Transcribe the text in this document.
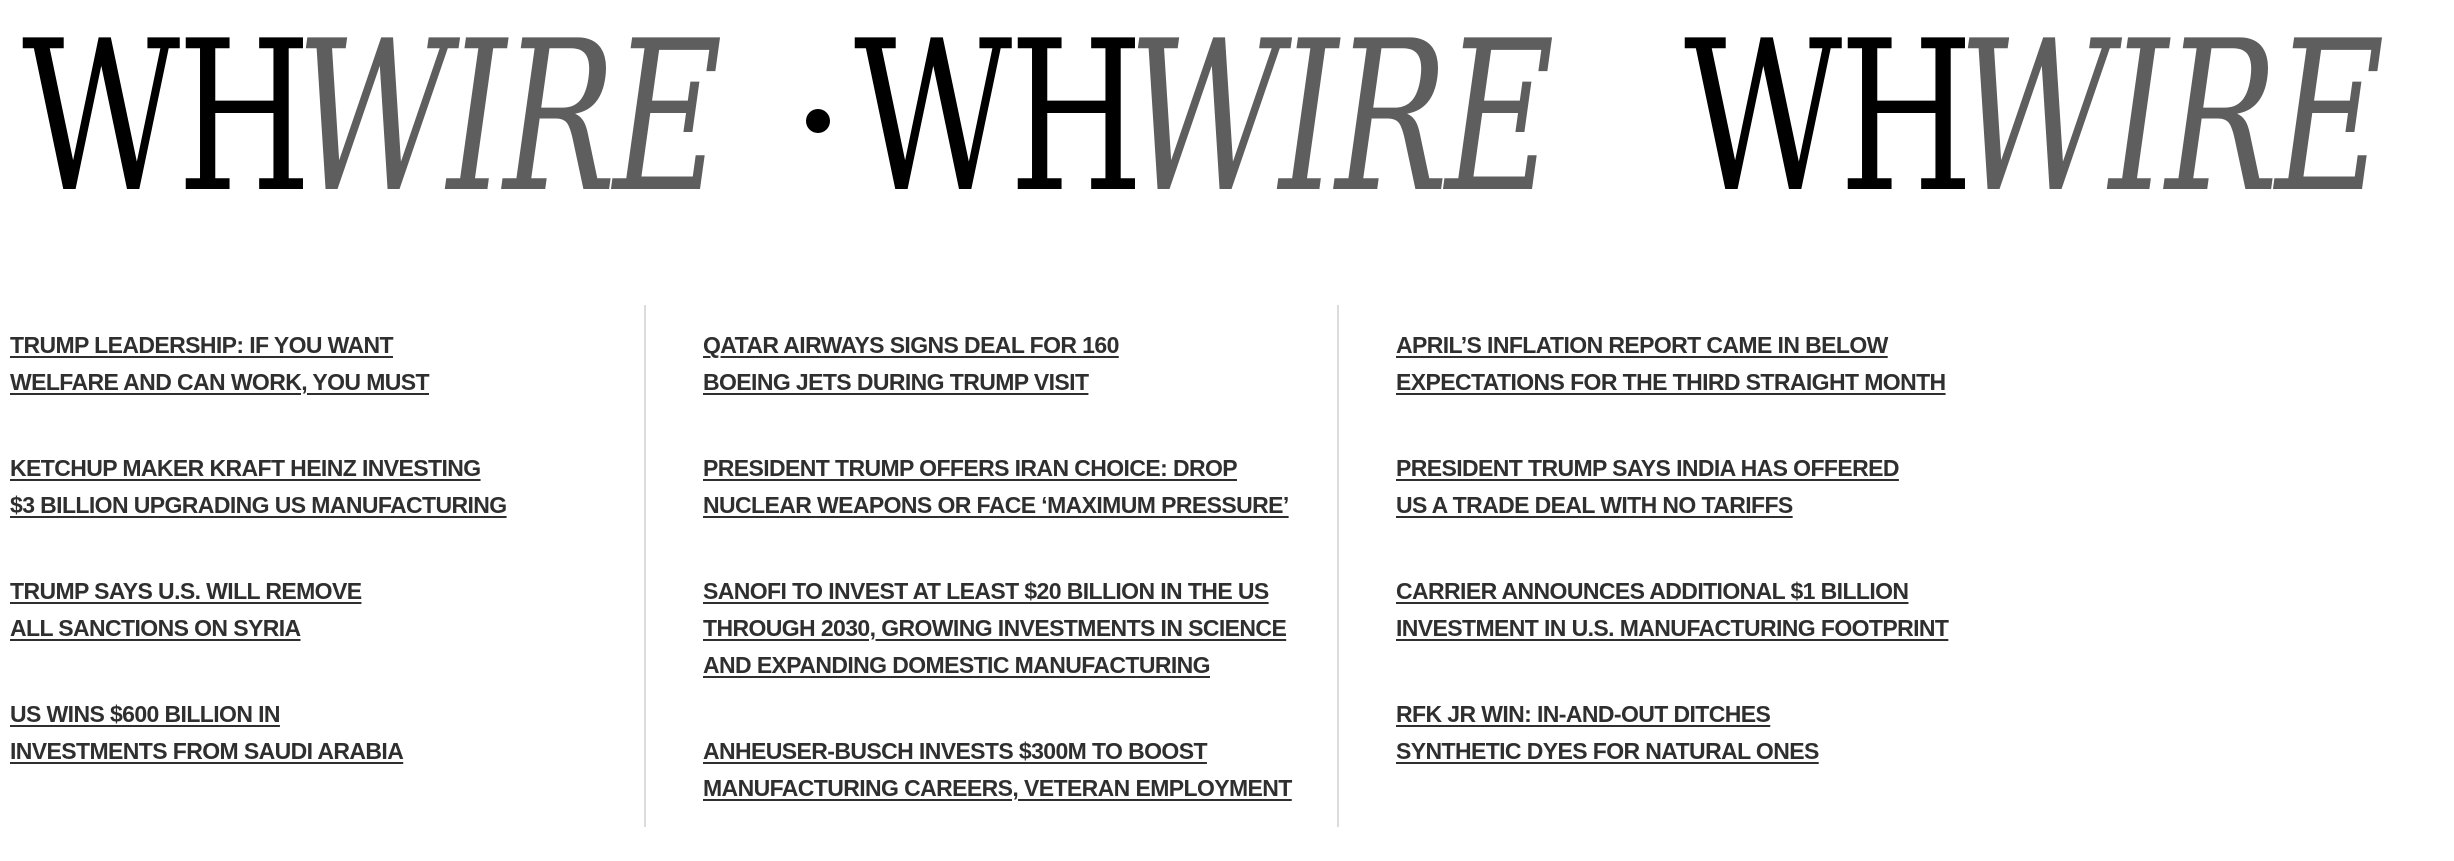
WHWIRE WHWIRE WHWIRE
TRUMP LEADERSHIP: IF YOU WANT
WELFARE AND CAN WORK, YOU MUST
KETCHUP MAKER KRAFT HEINZ INVESTING
$3 BILLION UPGRADING US MANUFACTURING
TRUMP SAYS U.S. WILL REMOVE
ALL SANCTIONS ON SYRIA
US WINS $600 BILLION IN
INVESTMENTS FROM SAUDI ARABIA
QATAR AIRWAYS SIGNS DEAL FOR 160
BOEING JETS DURING TRUMP VISIT
PRESIDENT TRUMP OFFERS IRAN CHOICE: DROP
NUCLEAR WEAPONS OR FACE ‘MAXIMUM PRESSURE’
SANOFI TO INVEST AT LEAST $20 BILLION IN THE US
THROUGH 2030, GROWING INVESTMENTS IN SCIENCE
AND EXPANDING DOMESTIC MANUFACTURING
ANHEUSER-BUSCH INVESTS $300M TO BOOST
MANUFACTURING CAREERS, VETERAN EMPLOYMENT
APRIL’S INFLATION REPORT CAME IN BELOW
EXPECTATIONS FOR THE THIRD STRAIGHT MONTH
PRESIDENT TRUMP SAYS INDIA HAS OFFERED
US A TRADE DEAL WITH NO TARIFFS
CARRIER ANNOUNCES ADDITIONAL $1 BILLION
INVESTMENT IN U.S. MANUFACTURING FOOTPRINT
RFK JR WIN: IN-AND-OUT DITCHES
SYNTHETIC DYES FOR NATURAL ONES
